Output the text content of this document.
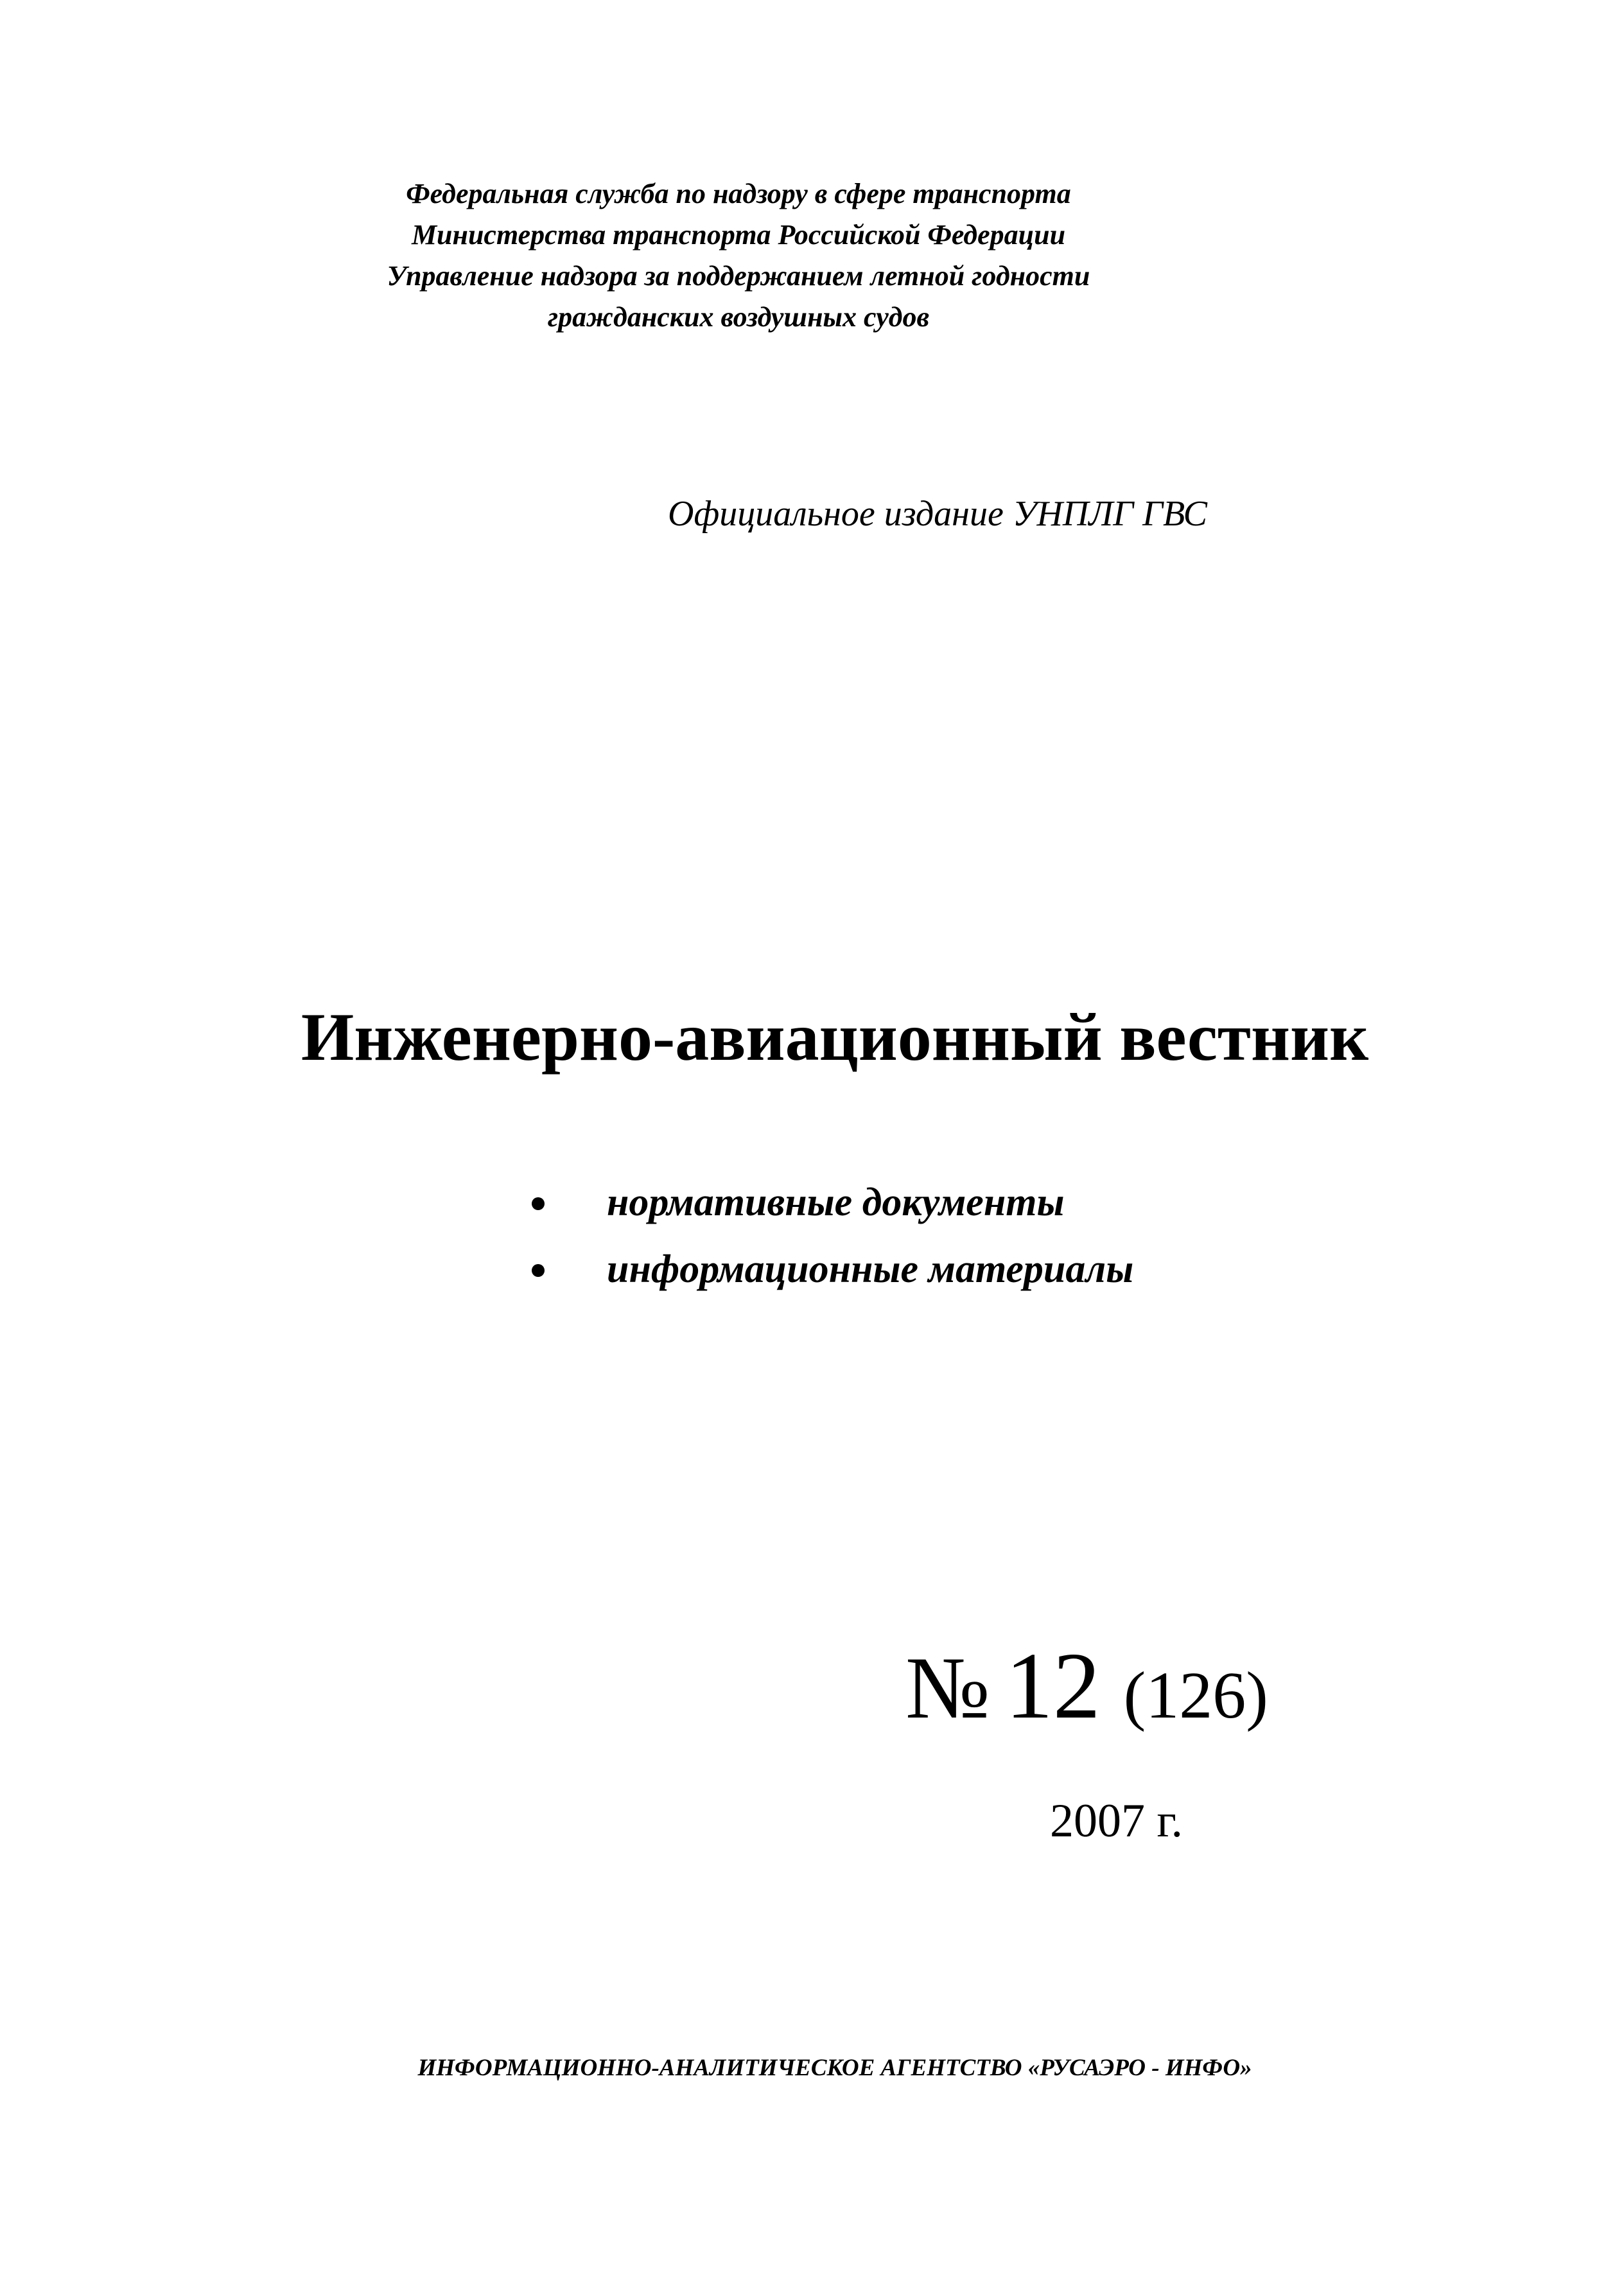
Федеральная служба по надзору в сфере транспорта
Министерства транспорта Российской Федерации
Управление надзора за поддержанием летной годности
гражданских воздушных судов
Официальное издание УНПЛГ ГВС
Инженерно-авиационный вестник
нормативные документы
информационные материалы
№ 12 (126)
2007 г.
ИНФОРМАЦИОННО-АНАЛИТИЧЕСКОЕ АГЕНТСТВО «РУСАЭРО - ИНФО»
